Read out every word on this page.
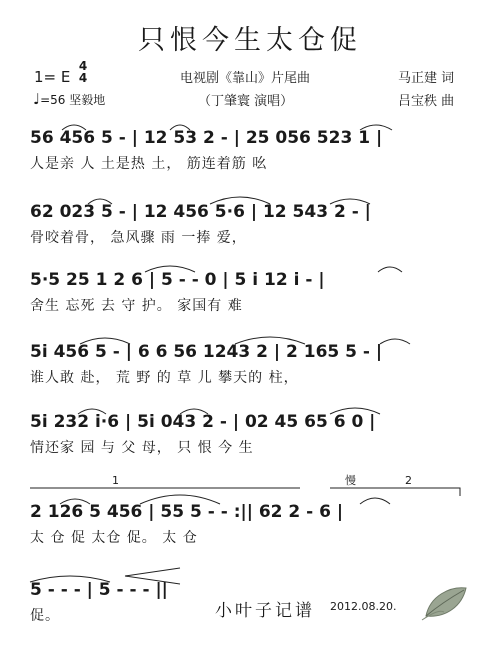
只恨今生太仓促
1= E
4
4
♩=56 坚毅地
电视剧《靠山》片尾曲
（丁肇寰 演唱）
马正建 词
吕宝秩 曲
56 456 5 - | 12 53 2 - | 25 056 523 1 |
人是亲 人 土是热 土， 筋连着筋 吆
62 023 5 - | 12 456 5·6 | 12 543 2 - |
骨咬着骨， 急风骤 雨 一捧 爱，
5·5 25 1 2 6 | 5 - - 0 | 5 i 12 i - |
舍生 忘死 去 守 护。 家国有 难
5i 456 5 - | 6 6 56 1243 2 | 2 165 5 - |
谁人敢 赴， 荒 野 的 草 儿 攀天的 柱，
5i 232 i·6 | 5i 043 2 - | 02 45 65 6 0 |
情还家 园 与 父 母， 只 恨 今 生
1	慢	2
2 126 5 456 | 55 5 - - :|| 62 2 - 6 |
太 仓 促 太仓 促。 太 仓
5 - - - | 5 - - - ||
促。	小叶子记谱 2012.08.20.
